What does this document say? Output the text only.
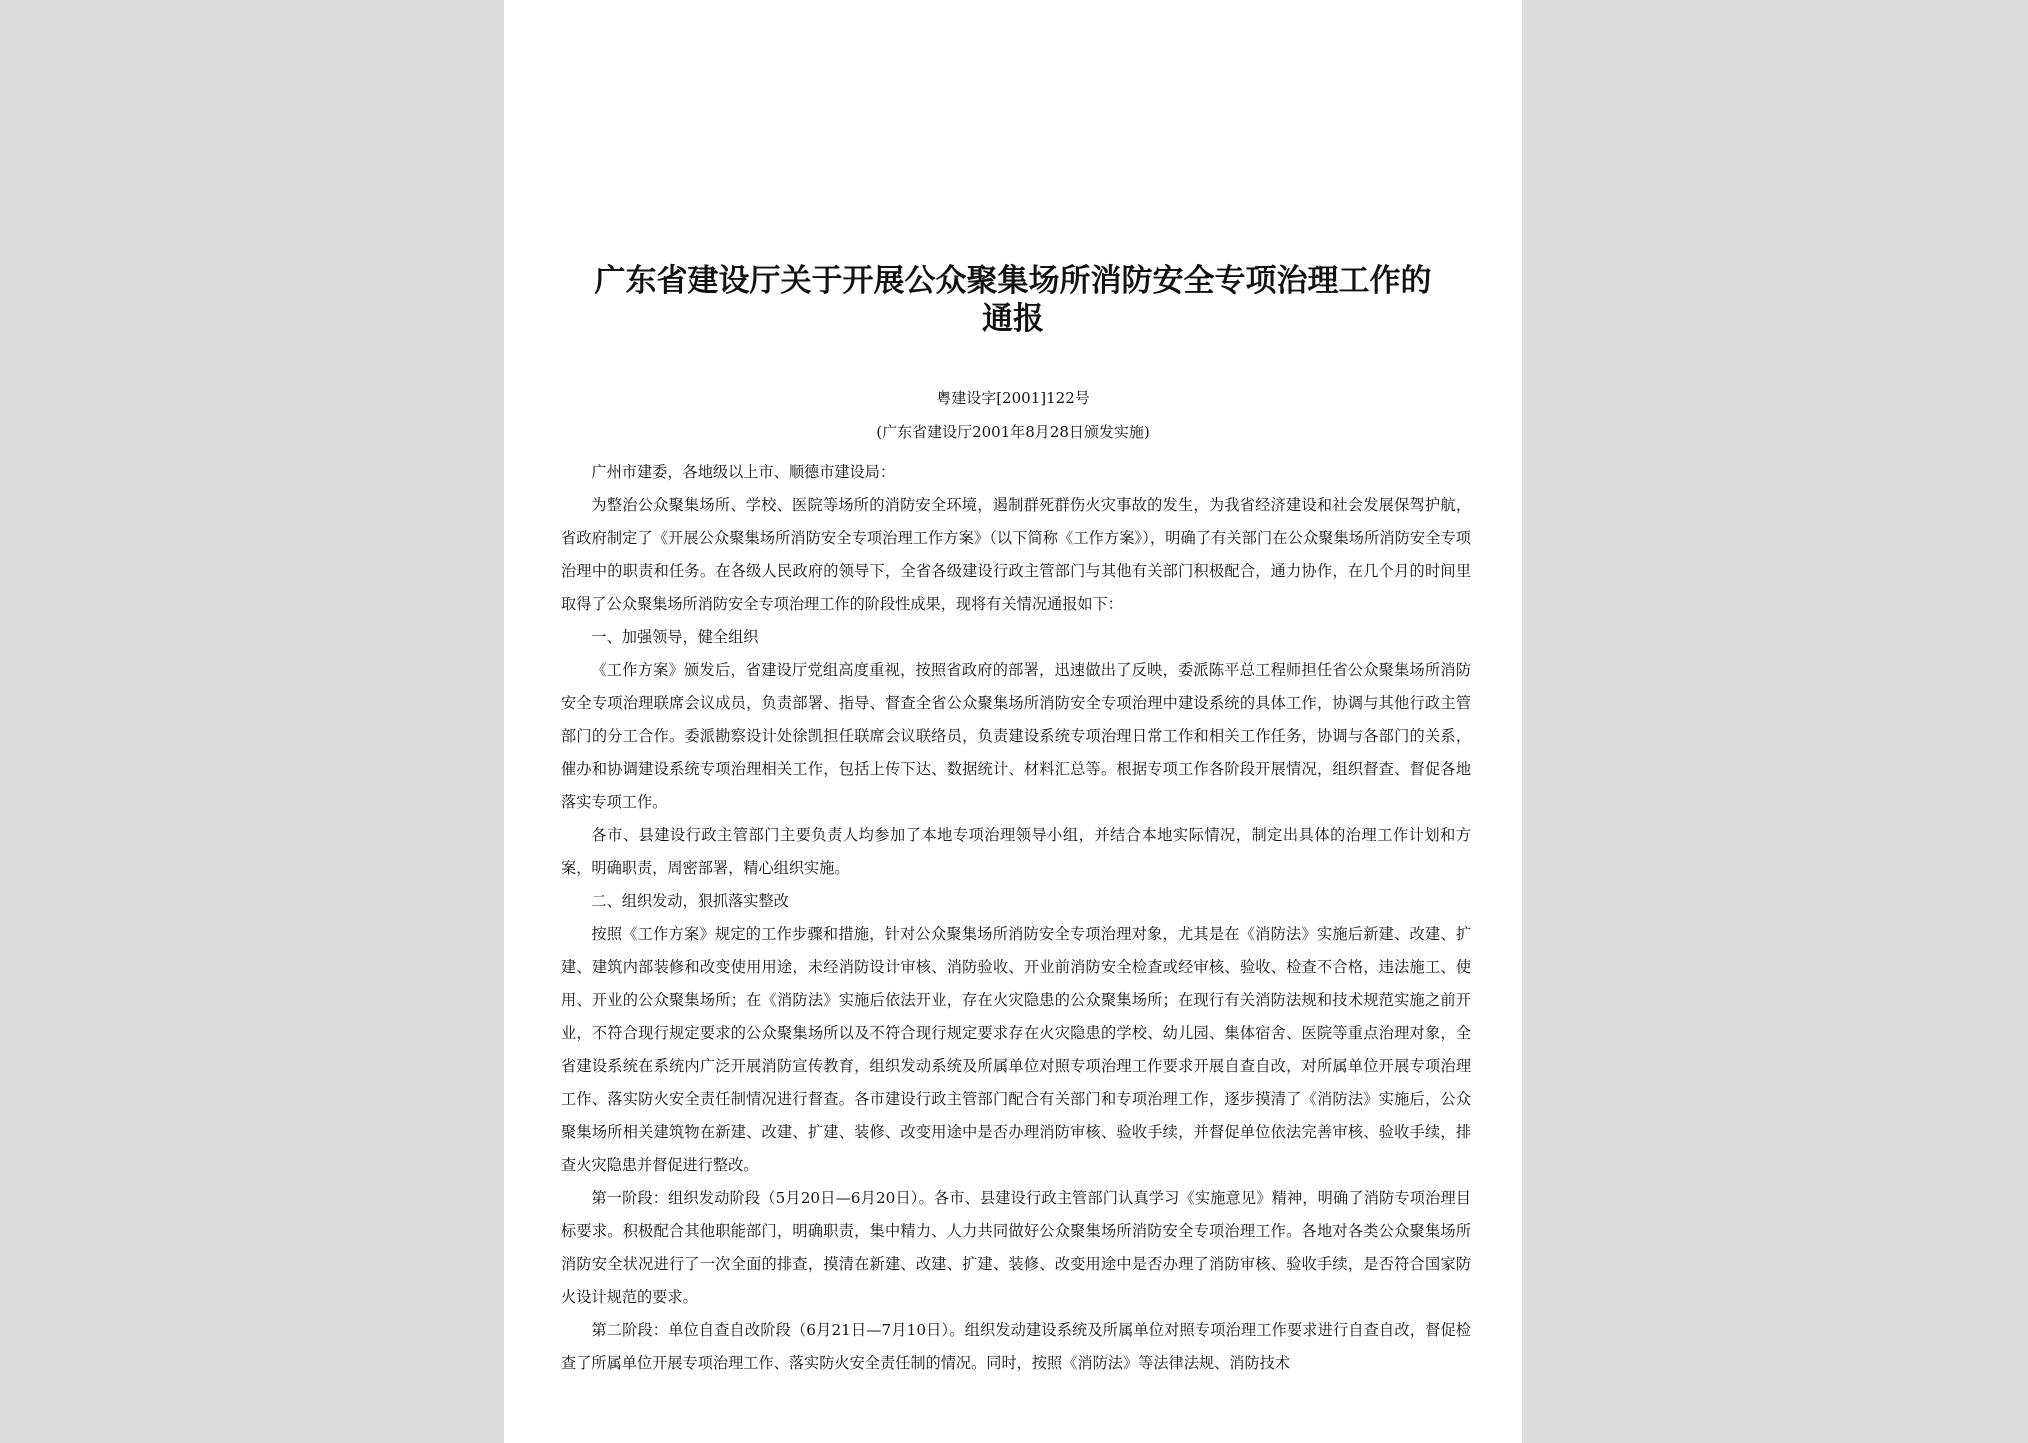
广东省建设厅关于开展公众聚集场所消防安全专项治理工作的通报
粤建设字[2001]122号
(广东省建设厅2001年8月28日颁发实施)

广州市建委，各地级以上市、顺德市建设局：

为整治公众聚集场所、学校、医院等场所的消防安全环境，遏制群死群伤火灾事故的发生，为我省经济建设和社会发展保驾护航，省政府制定了《开展公众聚集场所消防安全专项治理工作方案》（以下简称《工作方案》），明确了有关部门在公众聚集场所消防安全专项治理中的职责和任务。在各级人民政府的领导下，全省各级建设行政主管部门与其他有关部门积极配合，通力协作，在几个月的时间里取得了公众聚集场所消防安全专项治理工作的阶段性成果，现将有关情况通报如下：

一、加强领导，健全组织

《工作方案》颁发后，省建设厅党组高度重视，按照省政府的部署，迅速做出了反映，委派陈平总工程师担任省公众聚集场所消防安全专项治理联席会议成员，负责部署、指导、督查全省公众聚集场所消防安全专项治理中建设系统的具体工作，协调与其他行政主管部门的分工合作。委派勘察设计处徐凯担任联席会议联络员，负责建设系统专项治理日常工作和相关工作任务，协调与各部门的关系，催办和协调建设系统专项治理相关工作，包括上传下达、数据统计、材料汇总等。根据专项工作各阶段开展情况，组织督查、督促各地落实专项工作。

各市、县建设行政主管部门主要负责人均参加了本地专项治理领导小组，并结合本地实际情况，制定出具体的治理工作计划和方案，明确职责，周密部署，精心组织实施。

二、组织发动，狠抓落实整改

按照《工作方案》规定的工作步骤和措施，针对公众聚集场所消防安全专项治理对象，尤其是在《消防法》实施后新建、改建、扩建、建筑内部装修和改变使用用途，未经消防设计审核、消防验收、开业前消防安全检查或经审核、验收、检查不合格，违法施工、使用、开业的公众聚集场所；在《消防法》实施后依法开业，存在火灾隐患的公众聚集场所；在现行有关消防法规和技术规范实施之前开业，不符合现行规定要求的公众聚集场所以及不符合现行规定要求存在火灾隐患的学校、幼儿园、集体宿舍、医院等重点治理对象，全省建设系统在系统内广泛开展消防宣传教育，组织发动系统及所属单位对照专项治理工作要求开展自查自改，对所属单位开展专项治理工作、落实防火安全责任制情况进行督查。各市建设行政主管部门配合有关部门和专项治理工作，逐步摸清了《消防法》实施后，公众聚集场所相关建筑物在新建、改建、扩建、装修、改变用途中是否办理消防审核、验收手续，并督促单位依法完善审核、验收手续，排查火灾隐患并督促进行整改。

第一阶段：组织发动阶段（5月20日—6月20日）。各市、县建设行政主管部门认真学习《实施意见》精神，明确了消防专项治理目标要求。积极配合其他职能部门，明确职责，集中精力、人力共同做好公众聚集场所消防安全专项治理工作。各地对各类公众聚集场所消防安全状况进行了一次全面的排查，摸清在新建、改建、扩建、装修、改变用途中是否办理了消防审核、验收手续，是否符合国家防火设计规范的要求。

第二阶段：单位自查自改阶段（6月21日—7月10日）。组织发动建设系统及所属单位对照专项治理工作要求进行自查自改，督促检查了所属单位开展专项治理工作、落实防火安全责任制的情况。同时，按照《消防法》等法律法规、消防技术
